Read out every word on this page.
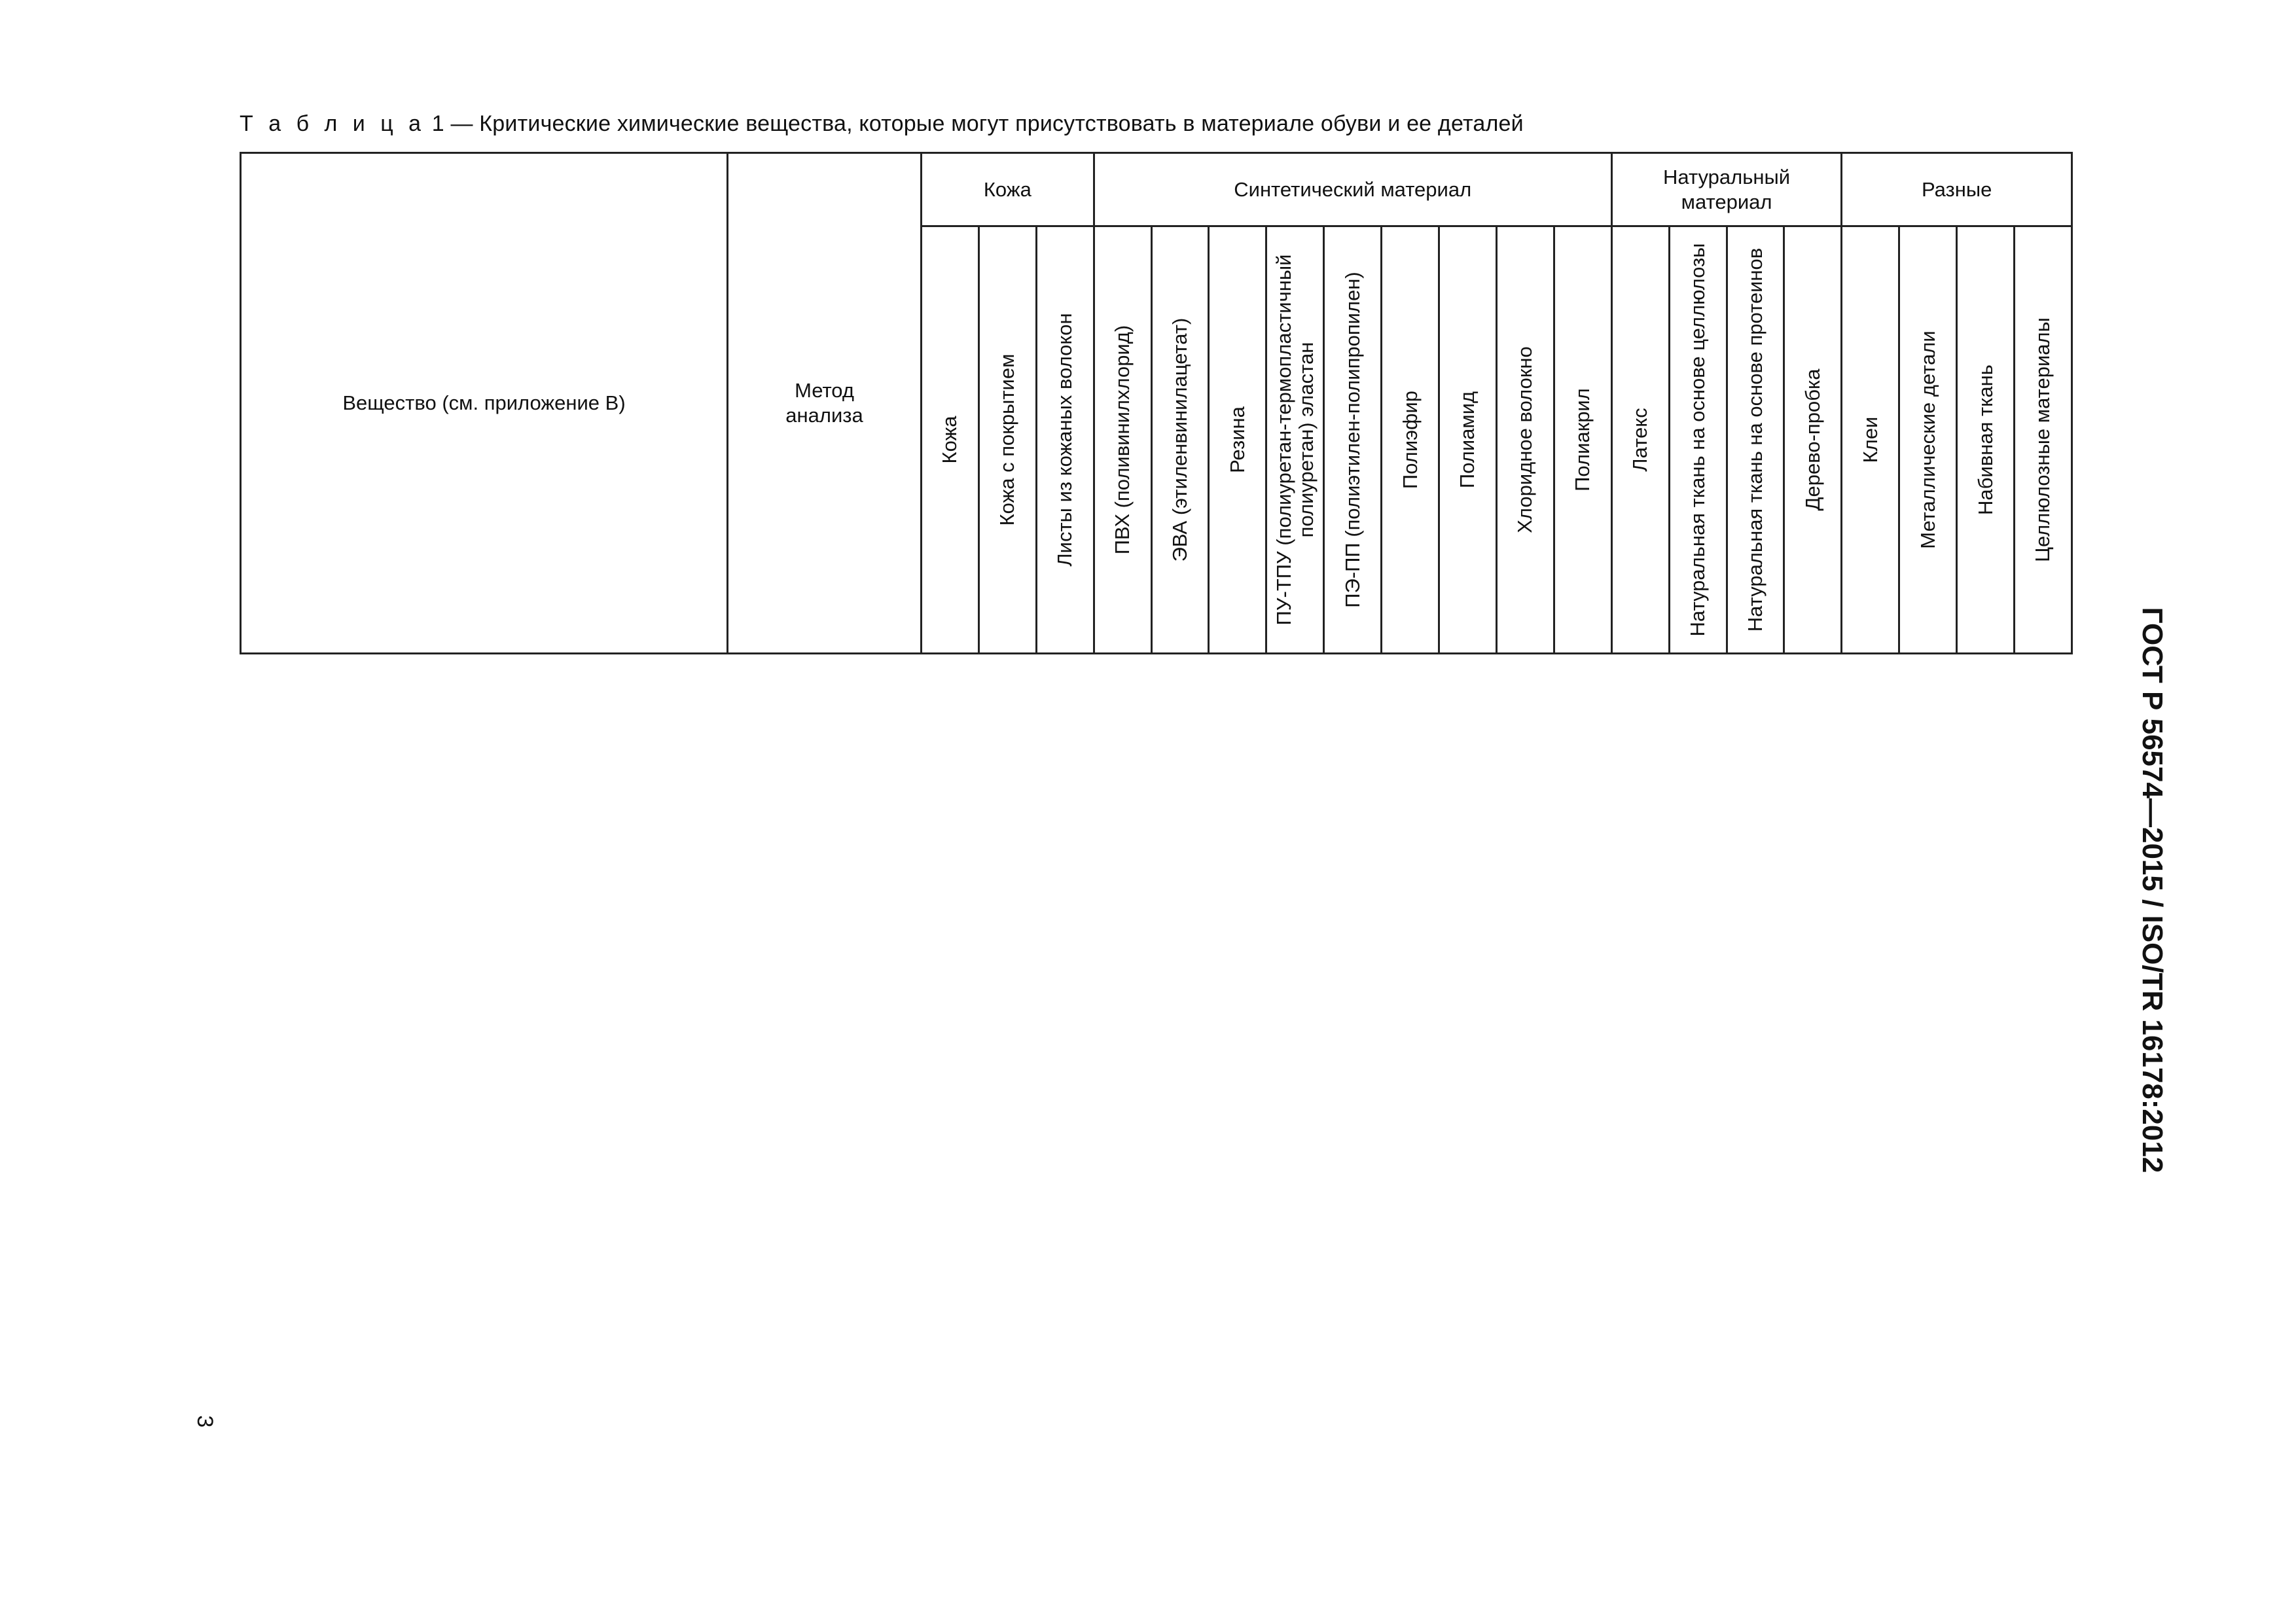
Т а б л и ц а 1 — Критические химические вещества, которые могут присутствовать в материале обуви и ее деталей
Вещество (см. приложение В)	Метод анализа	Кожа			Синтетический материал									Натуральный материал				Разные			

		Кожа	Кожа с покрытием	Листы из кожаных волокон	ПВХ (поливинилхлорид)	ЭВА (этиленвинилацетат)	Резина	ПУ-ТПУ (полиуретан-термопластичный полиуретан) эластан	ПЭ-ПП (полиэтилен-полипропилен)	Полиэфир	Полиамид	Хлоридное волокно	Полиакрил	Латекс	Натуральная ткань на основе целлюлозы	Натуральная ткань на основе протеинов	Дерево-пробка	Клеи	Металлические детали	Набивная ткань	Целлюлозные материалы
3
ГОСТ Р 56574—2015 / ISO/TR 16178:2012
